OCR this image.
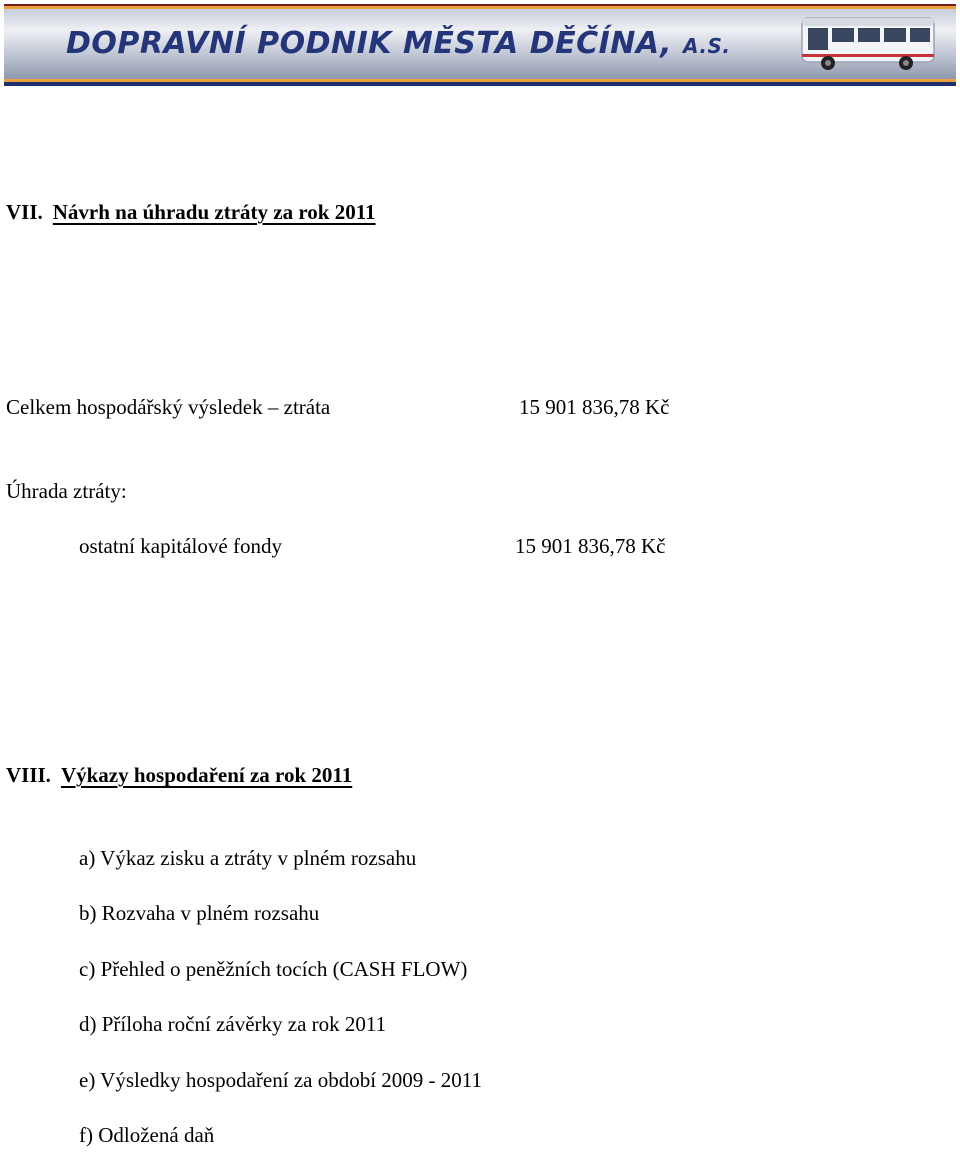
DOPRAVNÍ PODNIK MĚSTA DĚČÍNA, A.S.
VII. Návrh na úhradu ztráty za rok 2011
Celkem hospodářský výsledek – ztráta	15 901 836,78 Kč
Úhrada ztráty:
ostatní kapitálové fondy	15 901 836,78 Kč
VIII. Výkazy hospodaření za rok 2011
a) Výkaz zisku a ztráty v plném rozsahu
b) Rozvaha v plném rozsahu
c) Přehled o peněžních tocích (CASH FLOW)
d) Příloha roční závěrky za rok 2011
e) Výsledky hospodaření za období 2009 - 2011
f) Odložená daň
